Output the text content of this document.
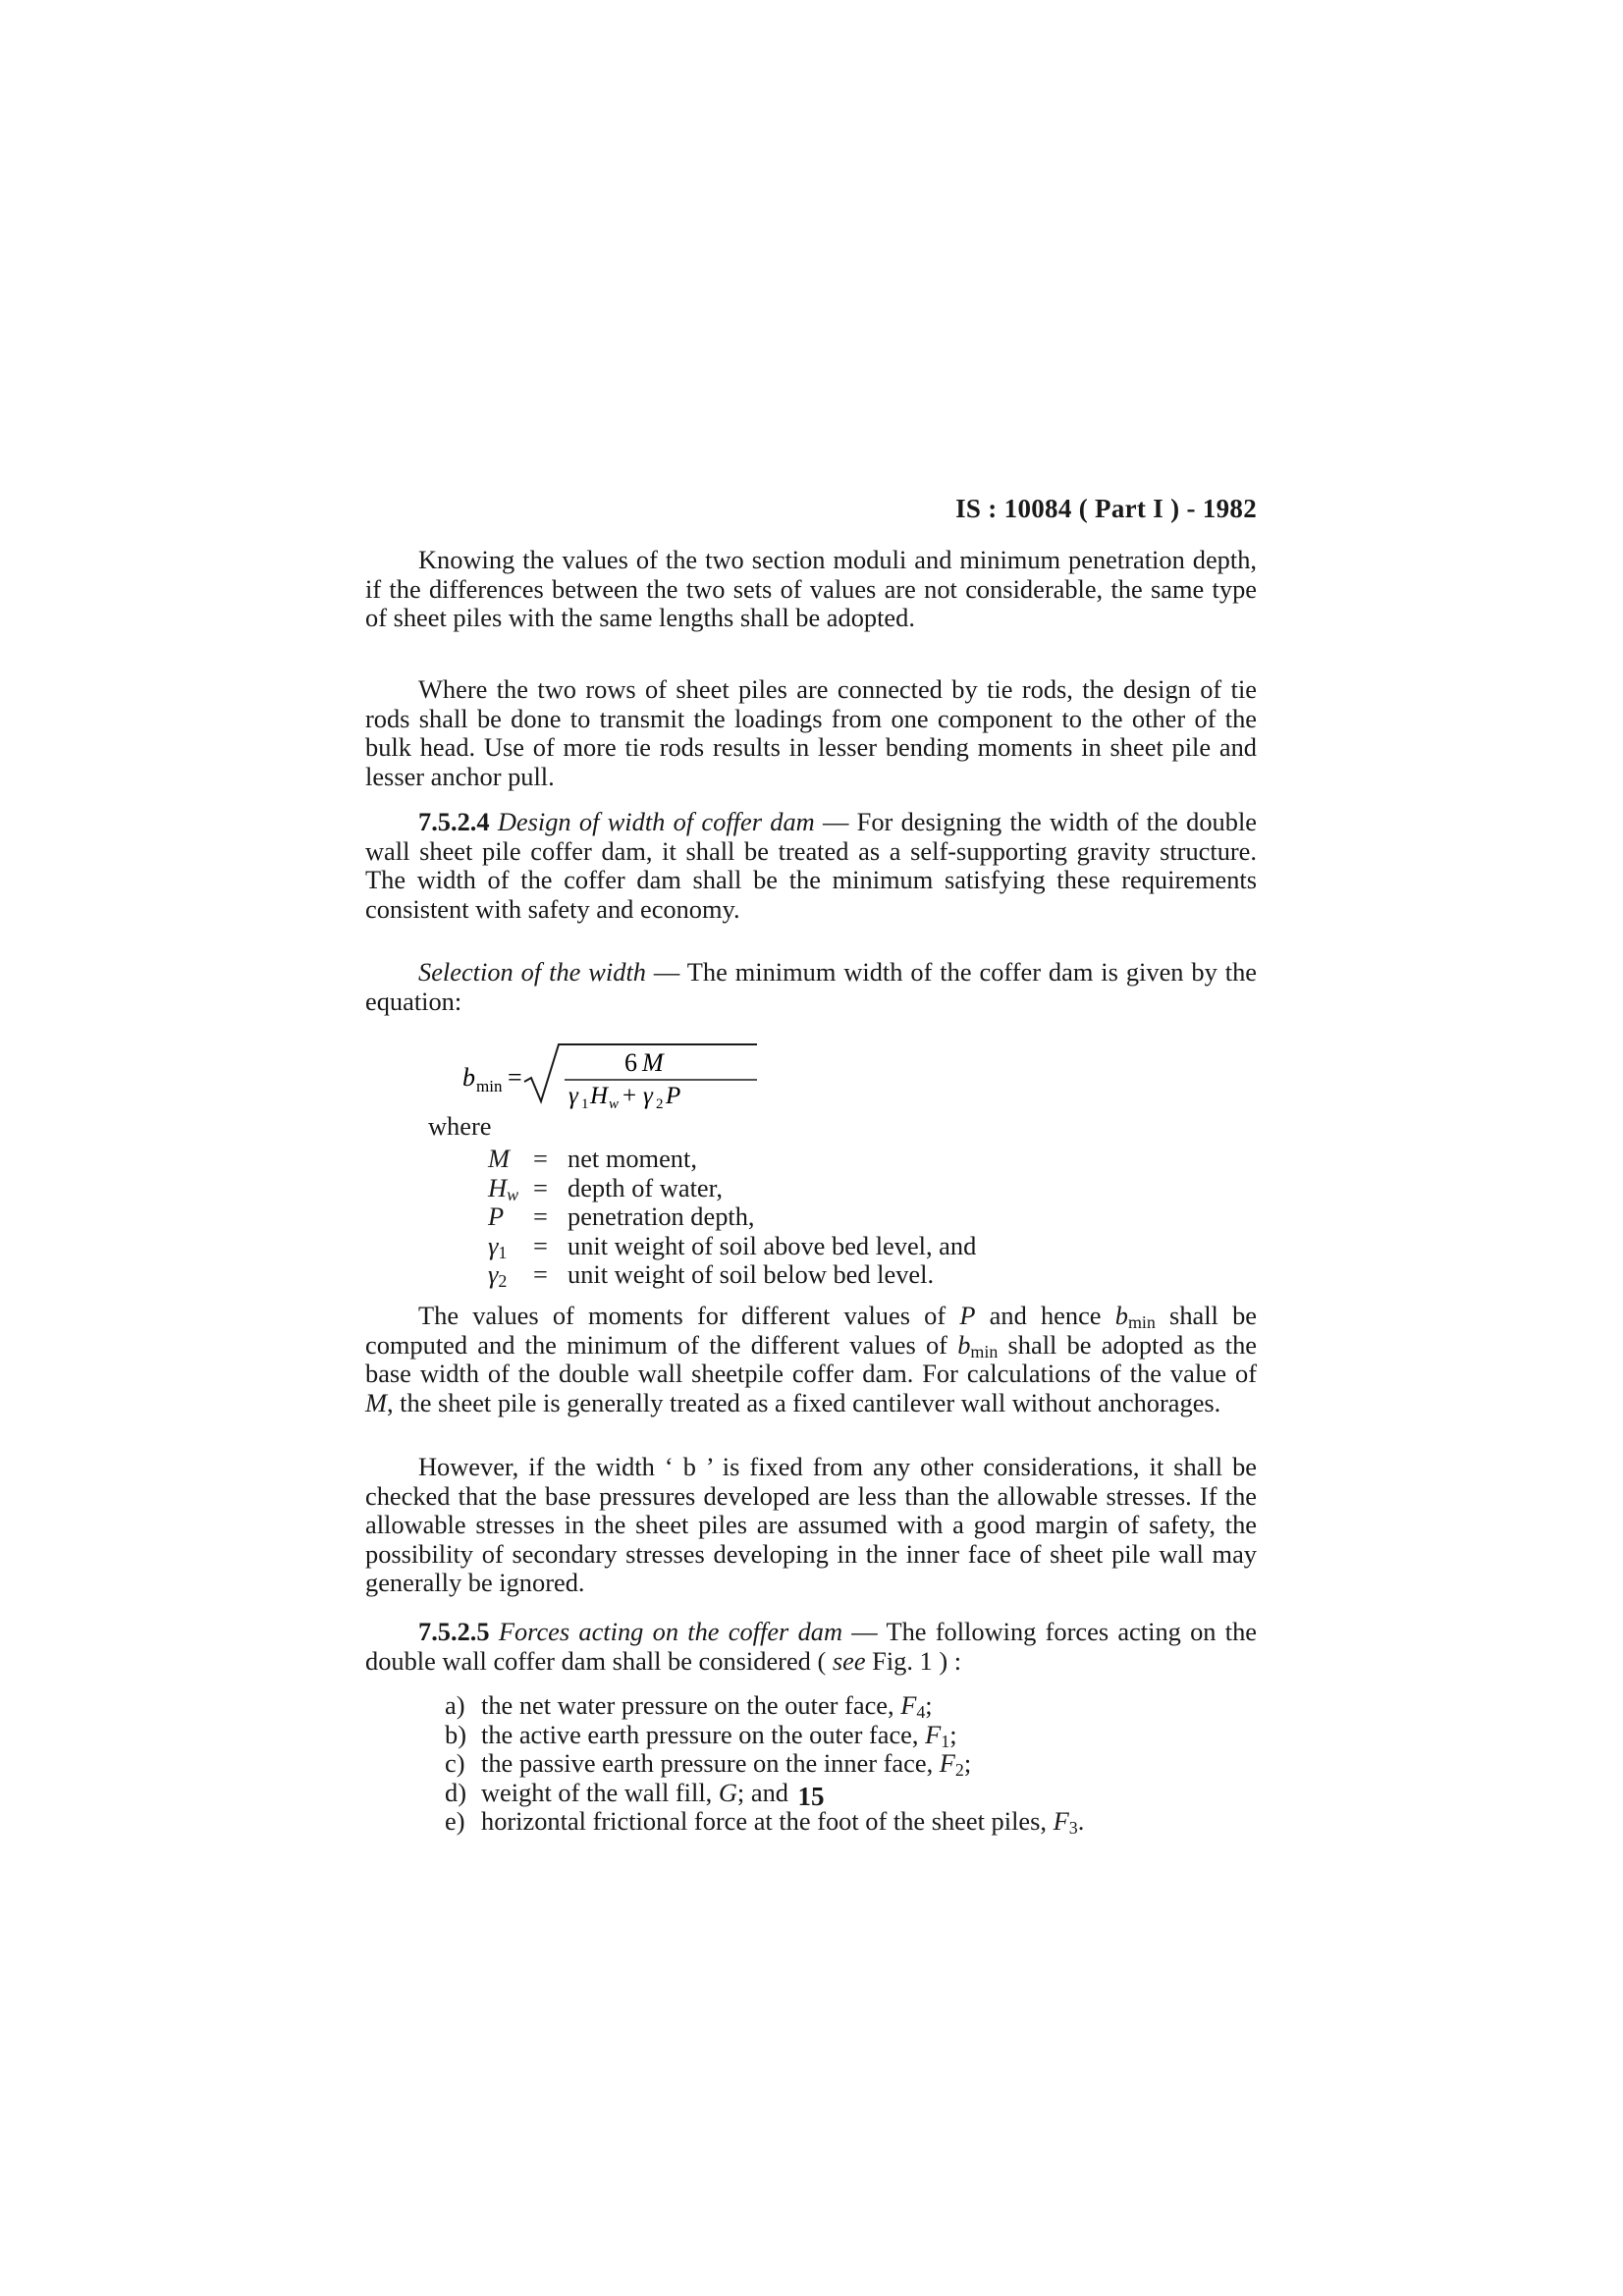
IS : 10084 ( Part I ) - 1982

Knowing the values of the two section moduli and minimum penetration depth, if the differences between the two sets of values are not considerable, the same type of sheet piles with the same lengths shall be adopted.

Where the two rows of sheet piles are connected by tie rods, the design of tie rods shall be done to transmit the loadings from one component to the other of the bulk head. Use of more tie rods results in lesser bending moments in sheet pile and lesser anchor pull.

7.5.2.4 Design of width of coffer dam — For designing the width of the double wall sheet pile coffer dam, it shall be treated as a self-supporting gravity structure. The width of the coffer dam shall be the minimum satisfying these requirements consistent with safety and economy.

Selection of the width — The minimum width of the coffer dam is given by the equation:

b min =
6 M
γ 1 H w + γ 2 P
where
M = net moment,
$H_w$ = depth of water,
P = penetration depth,
$\gamma_1$ = unit weight of soil above bed level, and
$\gamma_2$ = unit weight of soil below bed level.

The values of moments for different values of P and hence $b_{min}$ shall be computed and the minimum of the different values of $b_{min}$ shall be adopted as the base width of the double wall sheetpile coffer dam. For calculations of the value of M, the sheet pile is generally treated as a fixed cantilever wall without anchorages.

However, if the width ‘ b ’ is fixed from any other considerations, it shall be checked that the base pressures developed are less than the allowable stresses. If the allowable stresses in the sheet piles are assumed with a good margin of safety, the possibility of secondary stresses developing in the inner face of sheet pile wall may generally be ignored.

7.5.2.5 Forces acting on the coffer dam — The following forces acting on the double wall coffer dam shall be considered ( see Fig. 1 ) :

a) the net water pressure on the outer face, $F_4$;
b) the active earth pressure on the outer face, $F_1$;
c) the passive earth pressure on the inner face, $F_2$;
d) weight of the wall fill, G; and
e) horizontal frictional force at the foot of the sheet piles, $F_3$.
15
